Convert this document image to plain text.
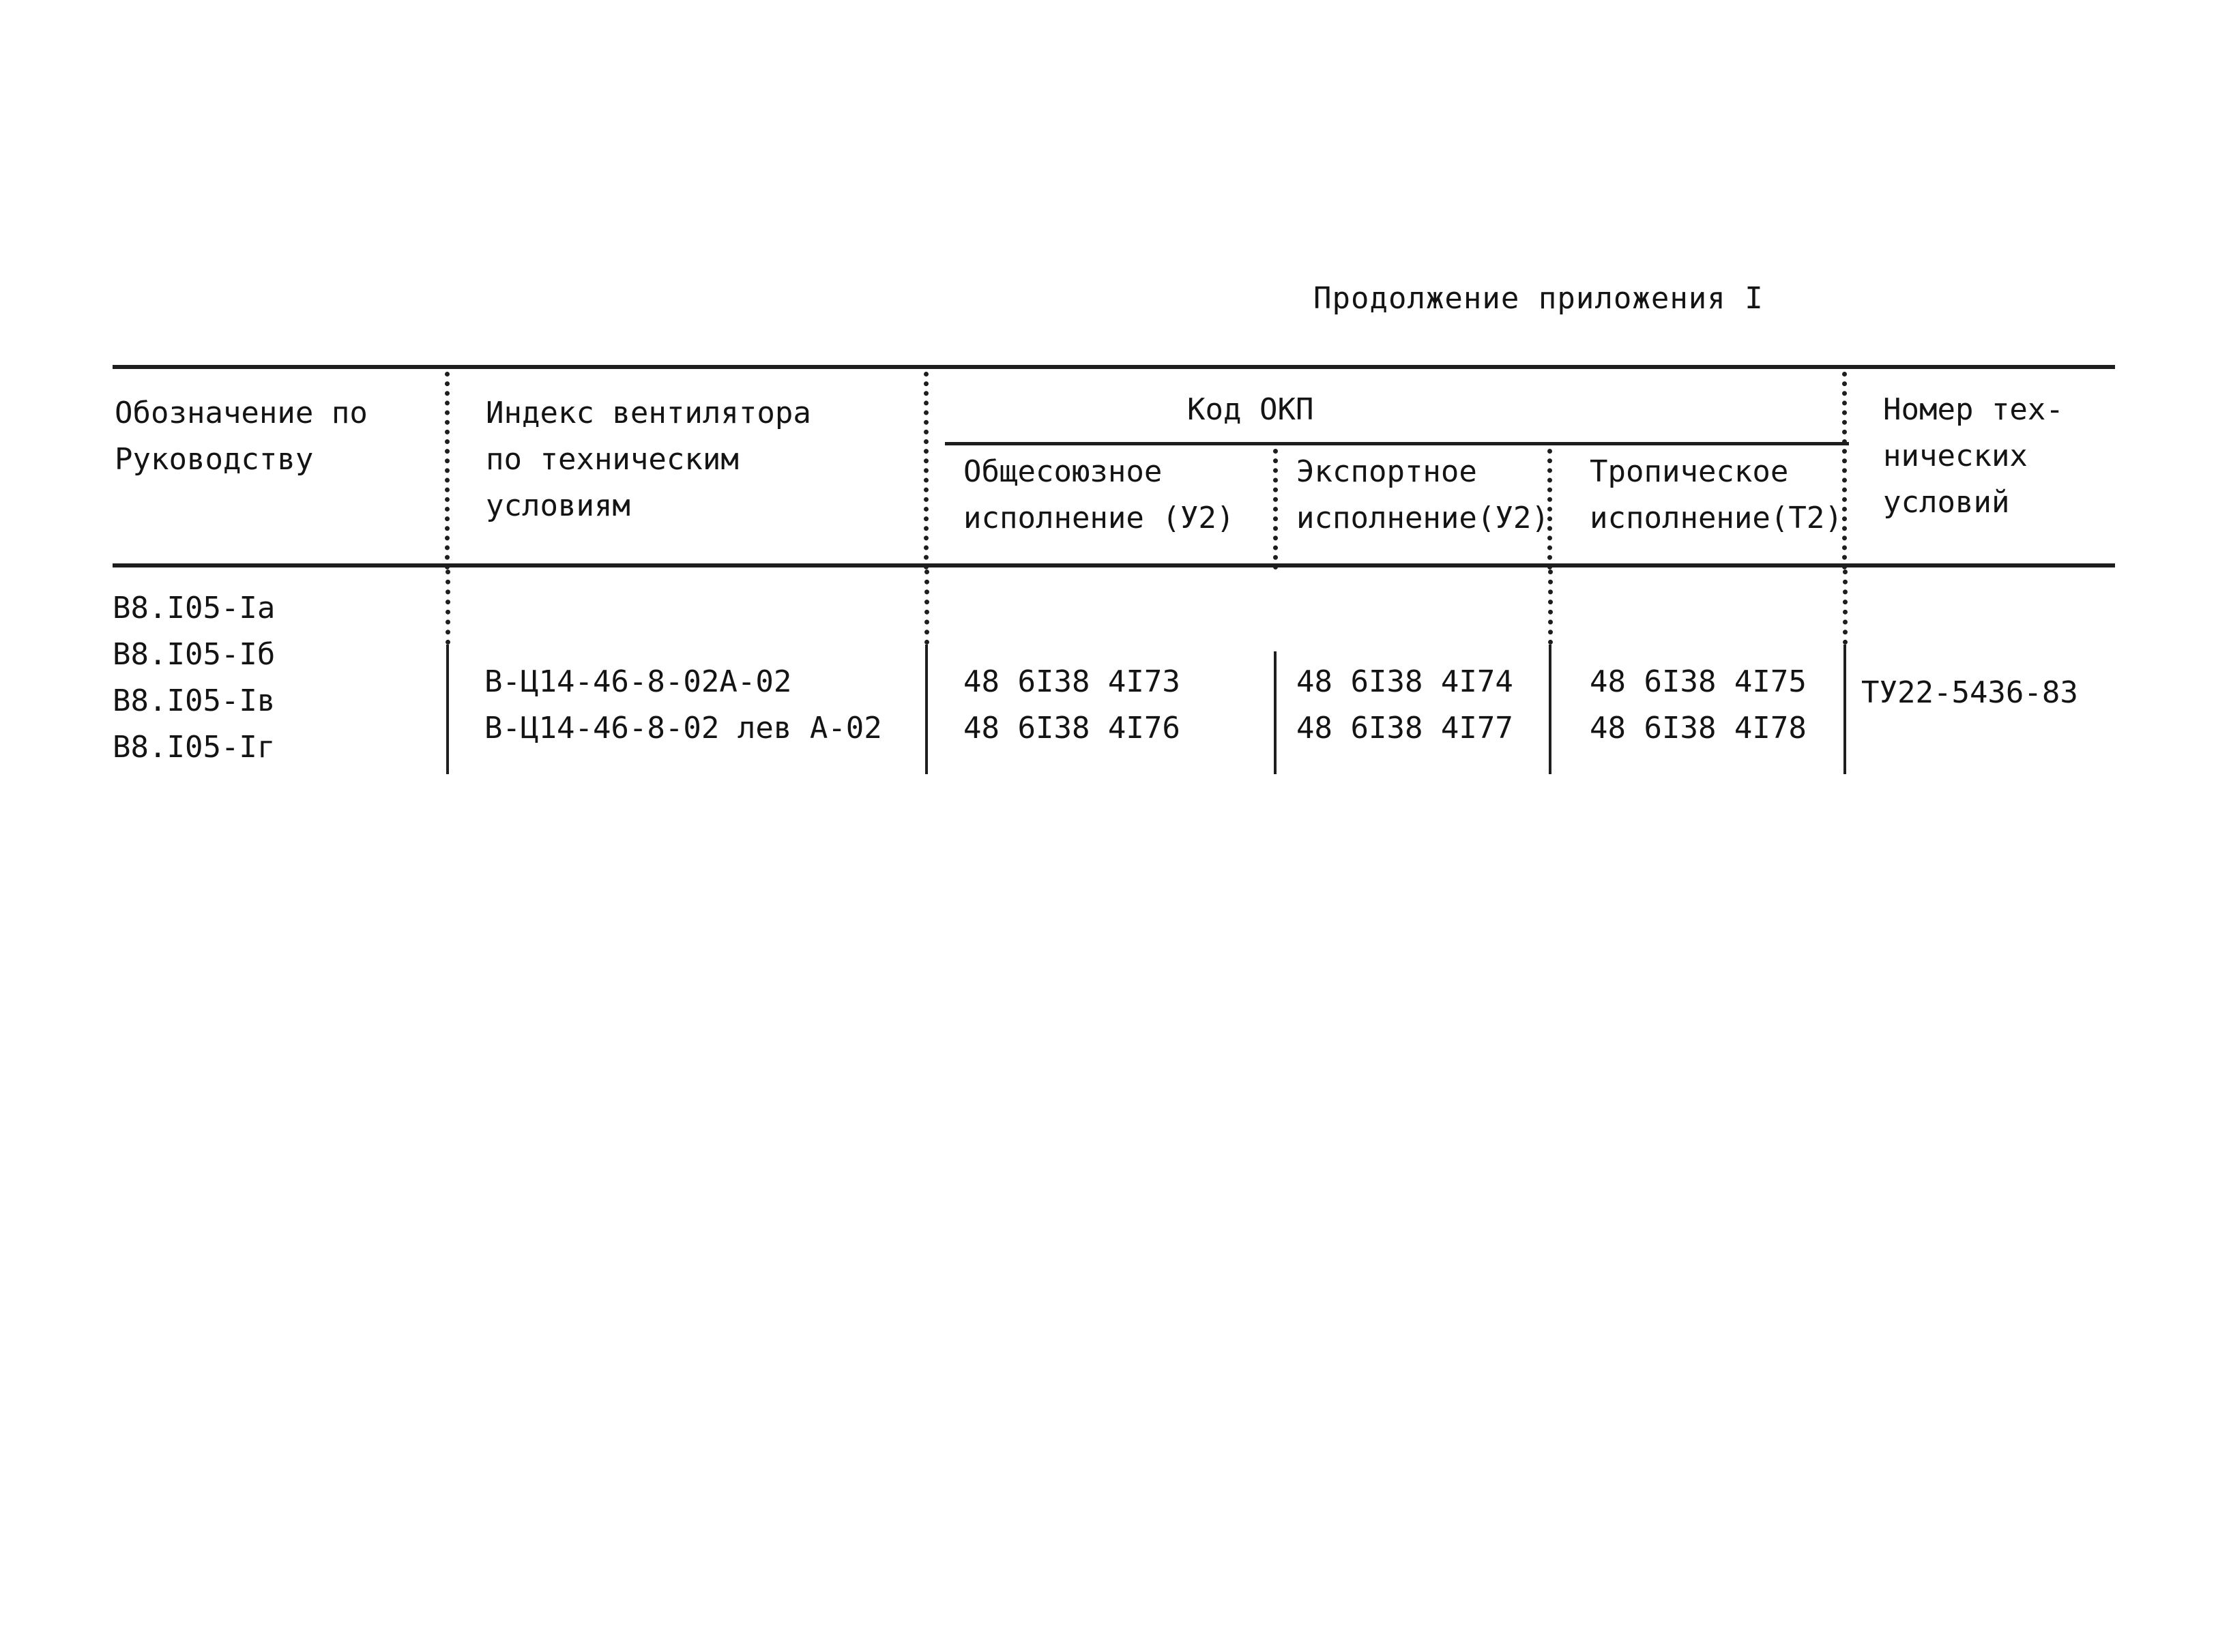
Продолжение приложения I
Обозначение по
Руководству
Индекс вентилятора
по техническим
условиям
Код ОКП
Общесоюзное
исполнение (У2)
Экспортное
исполнение(У2)
Тропическое
исполнение(Т2)
Номер тех-
нических
условий
В8.I05-Iа
В8.I05-Iб
В8.I05-Iв
В8.I05-Iг
В-Ц14-46-8-02А-02
В-Ц14-46-8-02 лев А-02
48 6I38 4I73
48 6I38 4I76
48 6I38 4I74
48 6I38 4I77
48 6I38 4I75
48 6I38 4I78
ТУ22-5436-83
